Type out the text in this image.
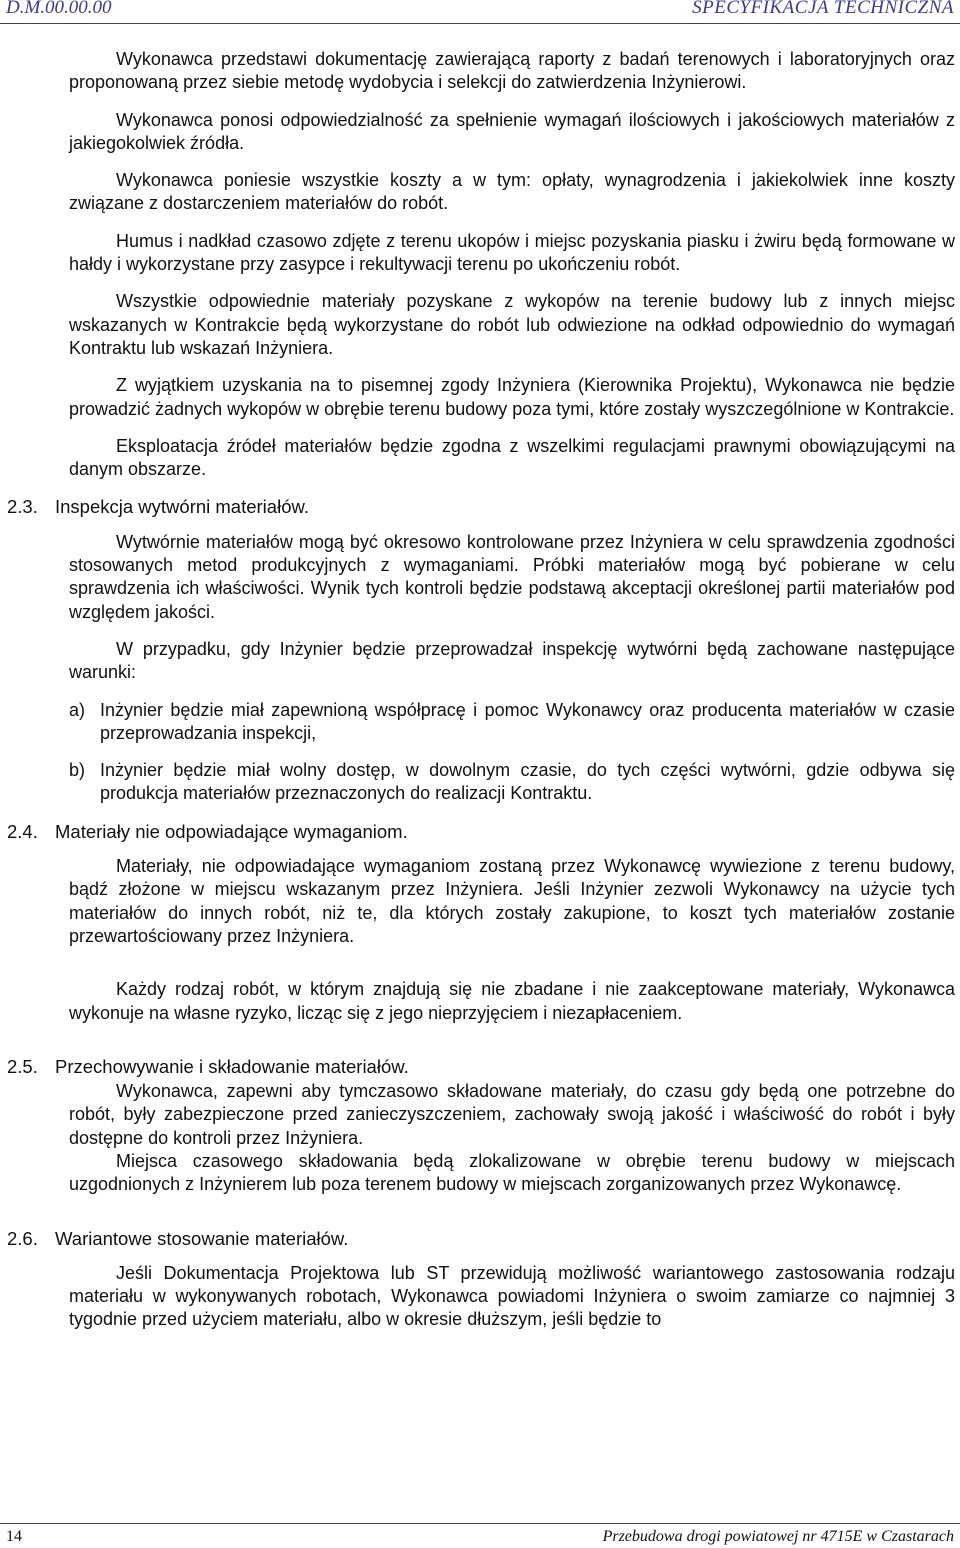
D.M.00.00.00	SPECYFIKACJA TECHNICZNA

Wykonawca przedstawi dokumentację zawierającą raporty z badań terenowych i laboratoryjnych oraz proponowaną przez siebie metodę wydobycia i selekcji do zatwierdzenia Inżynierowi.

Wykonawca ponosi odpowiedzialność za spełnienie wymagań ilościowych i jakościowych materiałów z jakiegokolwiek źródła.

Wykonawca poniesie wszystkie koszty a w tym: opłaty, wynagrodzenia i jakiekolwiek inne koszty związane z dostarczeniem materiałów do robót.

Humus i nadkład czasowo zdjęte z terenu ukopów i miejsc pozyskania piasku i żwiru będą formowane w hałdy i wykorzystane przy zasypce i rekultywacji terenu po ukończeniu robót.

Wszystkie odpowiednie materiały pozyskane z wykopów na terenie budowy lub z innych miejsc wskazanych w Kontrakcie będą wykorzystane do robót lub odwiezione na odkład odpowiednio do wymagań Kontraktu lub wskazań Inżyniera.

Z wyjątkiem uzyskania na to pisemnej zgody Inżyniera (Kierownika Projektu), Wykonawca nie będzie prowadzić żadnych wykopów w obrębie terenu budowy poza tymi, które zostały wyszczególnione w Kontrakcie.

Eksploatacja źródeł materiałów będzie zgodna z wszelkimi regulacjami prawnymi obowiązującymi na danym obszarze.

2.3. Inspekcja wytwórni materiałów.

Wytwórnie materiałów mogą być okresowo kontrolowane przez Inżyniera w celu sprawdzenia zgodności stosowanych metod produkcyjnych z wymaganiami. Próbki materiałów mogą być pobierane w celu sprawdzenia ich właściwości. Wynik tych kontroli będzie podstawą akceptacji określonej partii materiałów pod względem jakości.

W przypadku, gdy Inżynier będzie przeprowadzał inspekcję wytwórni będą zachowane następujące warunki:

a) Inżynier będzie miał zapewnioną współpracę i pomoc Wykonawcy oraz producenta materiałów w czasie przeprowadzania inspekcji,
b) Inżynier będzie miał wolny dostęp, w dowolnym czasie, do tych części wytwórni, gdzie odbywa się produkcja materiałów przeznaczonych do realizacji Kontraktu.
2.4. Materiały nie odpowiadające wymaganiom.

Materiały, nie odpowiadające wymaganiom zostaną przez Wykonawcę wywiezione z terenu budowy, bądź złożone w miejscu wskazanym przez Inżyniera. Jeśli Inżynier zezwoli Wykonawcy na użycie tych materiałów do innych robót, niż te, dla których zostały zakupione, to koszt tych materiałów zostanie przewartościowany przez Inżyniera.

Każdy rodzaj robót, w którym znajdują się nie zbadane i nie zaakceptowane materiały, Wykonawca wykonuje na własne ryzyko, licząc się z jego nieprzyjęciem i niezapłaceniem.

2.5. Przechowywanie i składowanie materiałów.

Wykonawca, zapewni aby tymczasowo składowane materiały, do czasu gdy będą one potrzebne do robót, były zabezpieczone przed zanieczyszczeniem, zachowały swoją jakość i właściwość do robót i były dostępne do kontroli przez Inżyniera.

Miejsca czasowego składowania będą zlokalizowane w obrębie terenu budowy w miejscach uzgodnionych z Inżynierem lub poza terenem budowy w miejscach zorganizowanych przez Wykonawcę.

2.6. Wariantowe stosowanie materiałów.

Jeśli Dokumentacja Projektowa lub ST przewidują możliwość wariantowego zastosowania rodzaju materiału w wykonywanych robotach, Wykonawca powiadomi Inżyniera o swoim zamiarze co najmniej 3 tygodnie przed użyciem materiału, albo w okresie dłuższym, jeśli będzie to

14	Przebudowa drogi powiatowej nr 4715E w Czastarach
